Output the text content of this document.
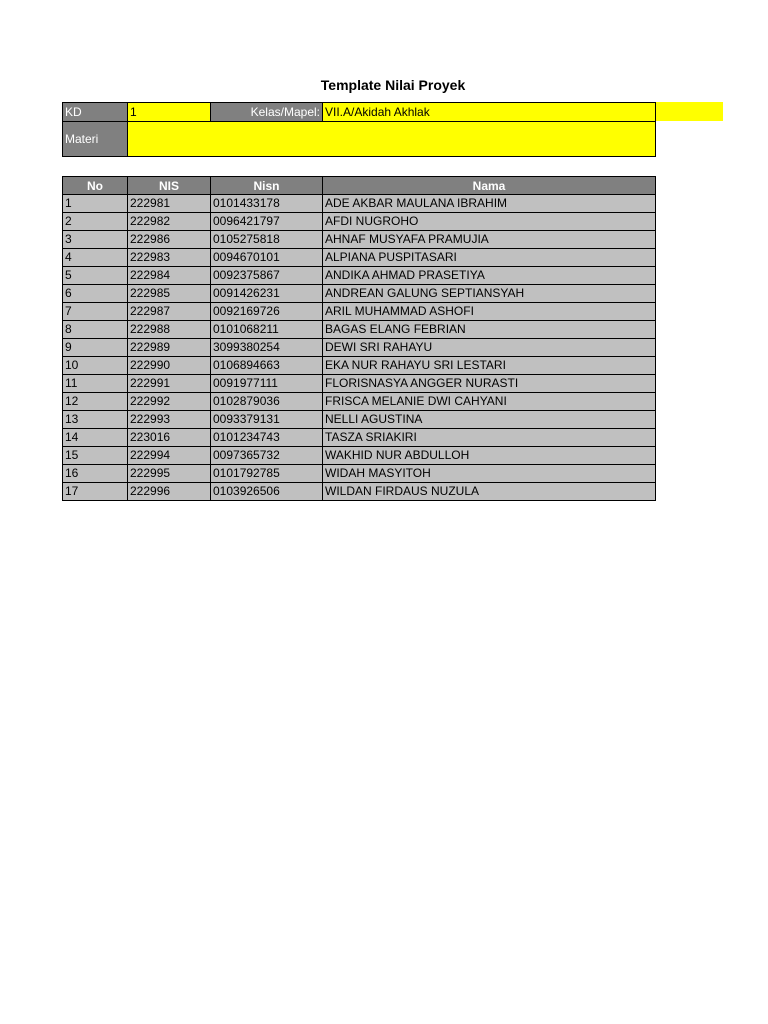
Template Nilai Proyek
KD	1	Kelas/Mapel:	VII.A/Akidah Akhlak
Materi			
No	NIS	Nisn	Nama
1	222981	0101433178	ADE AKBAR MAULANA IBRAHIM
2	222982	0096421797	AFDI NUGROHO
3	222986	0105275818	AHNAF MUSYAFA PRAMUJIA
4	222983	0094670101	ALPIANA PUSPITASARI
5	222984	0092375867	ANDIKA AHMAD PRASETIYA
6	222985	0091426231	ANDREAN GALUNG SEPTIANSYAH
7	222987	0092169726	ARIL MUHAMMAD ASHOFI
8	222988	0101068211	BAGAS ELANG FEBRIAN
9	222989	3099380254	DEWI SRI RAHAYU
10	222990	0106894663	EKA NUR RAHAYU SRI LESTARI
11	222991	0091977111	FLORISNASYA ANGGER NURASTI
12	222992	0102879036	FRISCA MELANIE DWI CAHYANI
13	222993	0093379131	NELLI AGUSTINA
14	223016	0101234743	TASZA SRIAKIRI
15	222994	0097365732	WAKHID NUR ABDULLOH
16	222995	0101792785	WIDAH MASYITOH
17	222996	0103926506	WILDAN FIRDAUS NUZULA
